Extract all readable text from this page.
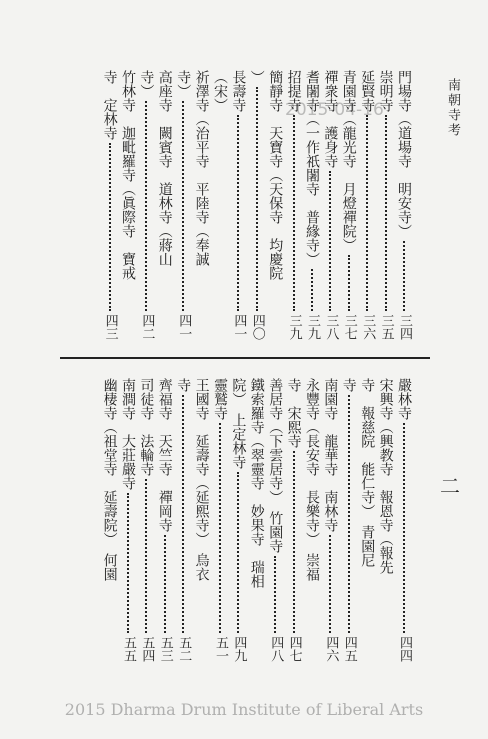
南朝寺考
二
2015-04-16 門場寺（道場寺　明安寺）
三四
崇明寺
三五
延賢寺
三六
青園寺（龍光寺　月燈禪院）
三七
禪衆寺　護身寺
三八
耆闍寺（一作祇闍寺　普緣寺）
三九
招提寺
三九
簡靜寺　天寶寺（天保寺　均慶院
）
四〇
長壽寺
四一
（宋）
祈澤寺（治平寺　平陸寺（奉誠
寺）
四一
高座寺　闕賓寺　道林寺（蔣山
寺）
四二
竹林寺　迦毗羅寺（眞際寺　寶戒
寺　定林寺
四三
嚴林寺
四四
宋興寺（興教寺　報恩寺（報先
寺　報慈院　能仁寺）　青園尼
寺
四五
南園寺　龍華寺　南林寺
四六
永豐寺（長安寺　長樂寺）　崇福
寺　宋熙寺
四七
善居寺（下雲居寺）　竹園寺
四八
鐵索羅寺（翠靈寺　妙果寺　瑞相
院）　上定林寺
四九
靈鷲寺
五一
王國寺　延壽寺（延熙寺）　烏衣
寺
五二
齊福寺　天竺寺　禪岡寺
五三
司徒寺　法輪寺
五四
南澗寺　大莊嚴寺
五五
幽棲寺（祖堂寺　延壽院）　何園
2015 Dharma Drum Institute of Liberal Arts
